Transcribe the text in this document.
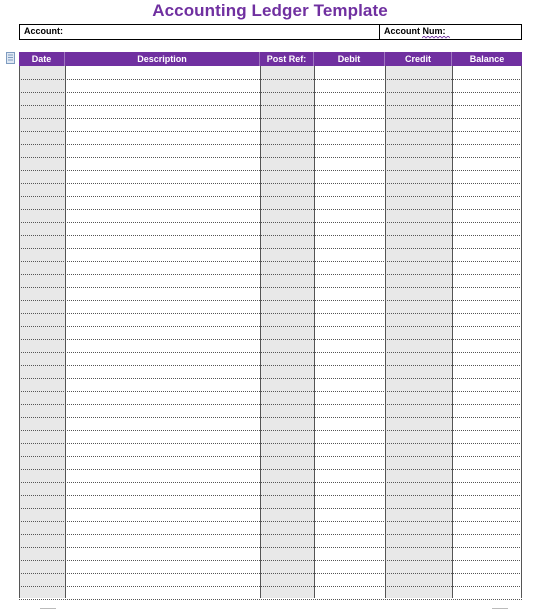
Accounting Ledger Template
Account:	Account Num:
Date	Description	Post Ref:	Debit	Credit	Balance
